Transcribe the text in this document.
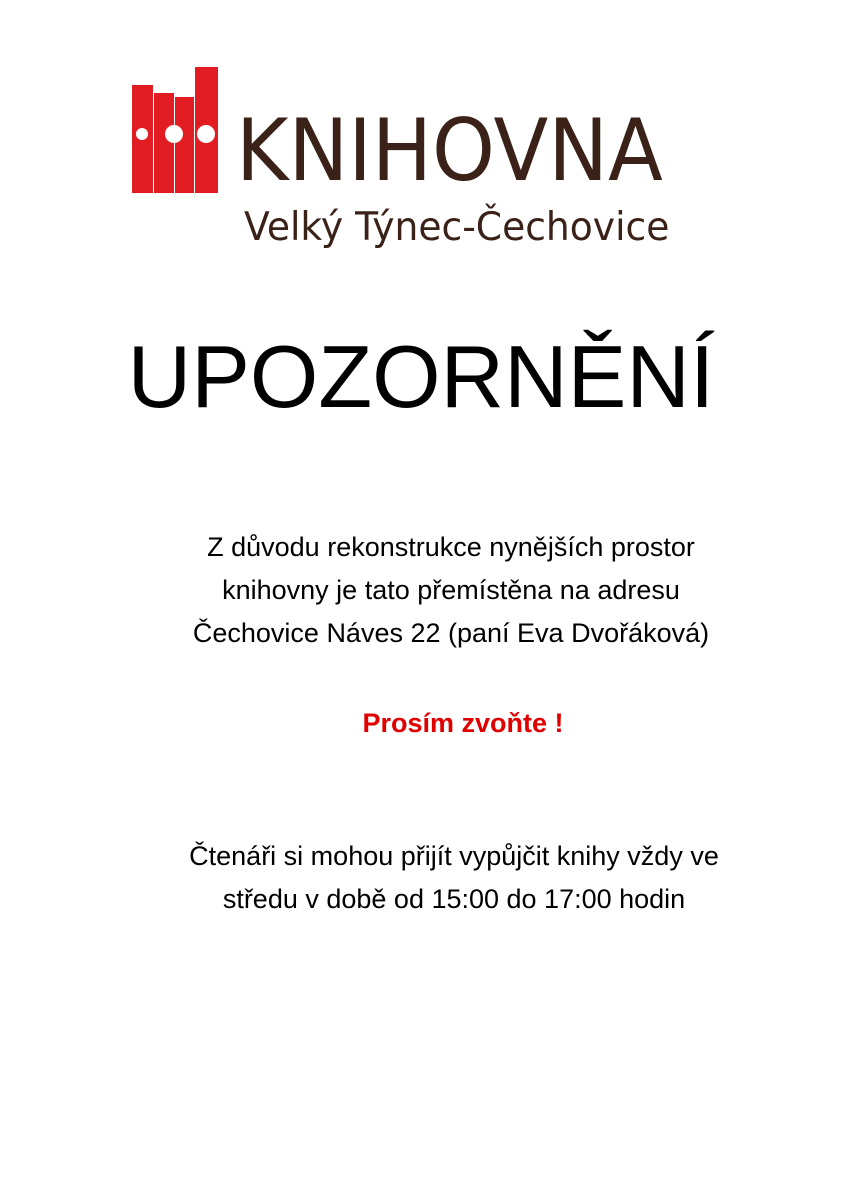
KNIHOVNA
Velký Týnec-Čechovice
UPOZORNĚNÍ
Z důvodu rekonstrukce nynějších prostor
knihovny je tato přemístěna na adresu
Čechovice Náves 22 (paní Eva Dvořáková)
Prosím zvoňte !
Čtenáři si mohou přijít vypůjčit knihy vždy ve
středu v době od 15:00 do 17:00 hodin
